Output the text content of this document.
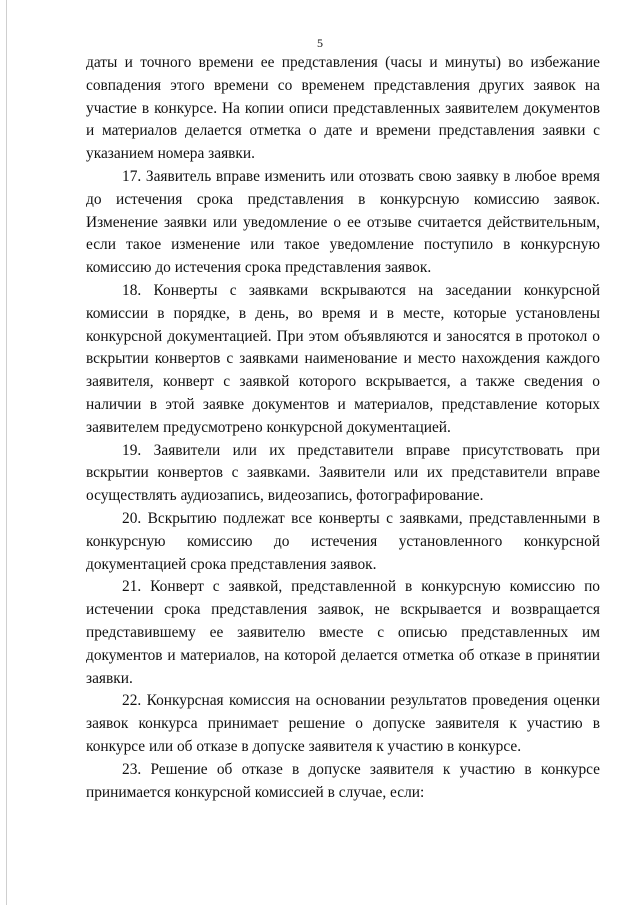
5

даты и точного времени ее представления (часы и минуты) во избежание совпадения этого времени со временем представления других заявок на участие в конкурсе. На копии описи представленных заявителем документов и материалов делается отметка о дате и времени представления заявки с указанием номера заявки.

17. Заявитель вправе изменить или отозвать свою заявку в любое время до истечения срока представления в конкурсную комиссию заявок. Изменение заявки или уведомление о ее отзыве считается действительным, если такое изменение или такое уведомление поступило в конкурсную комиссию до истечения срока представления заявок.

18. Конверты с заявками вскрываются на заседании конкурсной комиссии в порядке, в день, во время и в месте, которые установлены конкурсной документацией. При этом объявляются и заносятся в протокол о вскрытии конвертов с заявками наименование и место нахождения каждого заявителя, конверт с заявкой которого вскрывается, а также сведения о наличии в этой заявке документов и материалов, представление которых заявителем предусмотрено конкурсной документацией.

19. Заявители или их представители вправе присутствовать при вскрытии конвертов с заявками. Заявители или их представители вправе осуществлять аудиозапись, видеозапись, фотографирование.

20. Вскрытию подлежат все конверты с заявками, представленными в конкурсную комиссию до истечения установленного конкурсной документацией срока представления заявок.

21. Конверт с заявкой, представленной в конкурсную комиссию по истечении срока представления заявок, не вскрывается и возвращается представившему ее заявителю вместе с описью представленных им документов и материалов, на которой делается отметка об отказе в принятии заявки.

22. Конкурсная комиссия на основании результатов проведения оценки заявок конкурса принимает решение о допуске заявителя к участию в конкурсе или об отказе в допуске заявителя к участию в конкурсе.

23. Решение об отказе в допуске заявителя к участию в конкурсе принимается конкурсной комиссией в случае, если:
